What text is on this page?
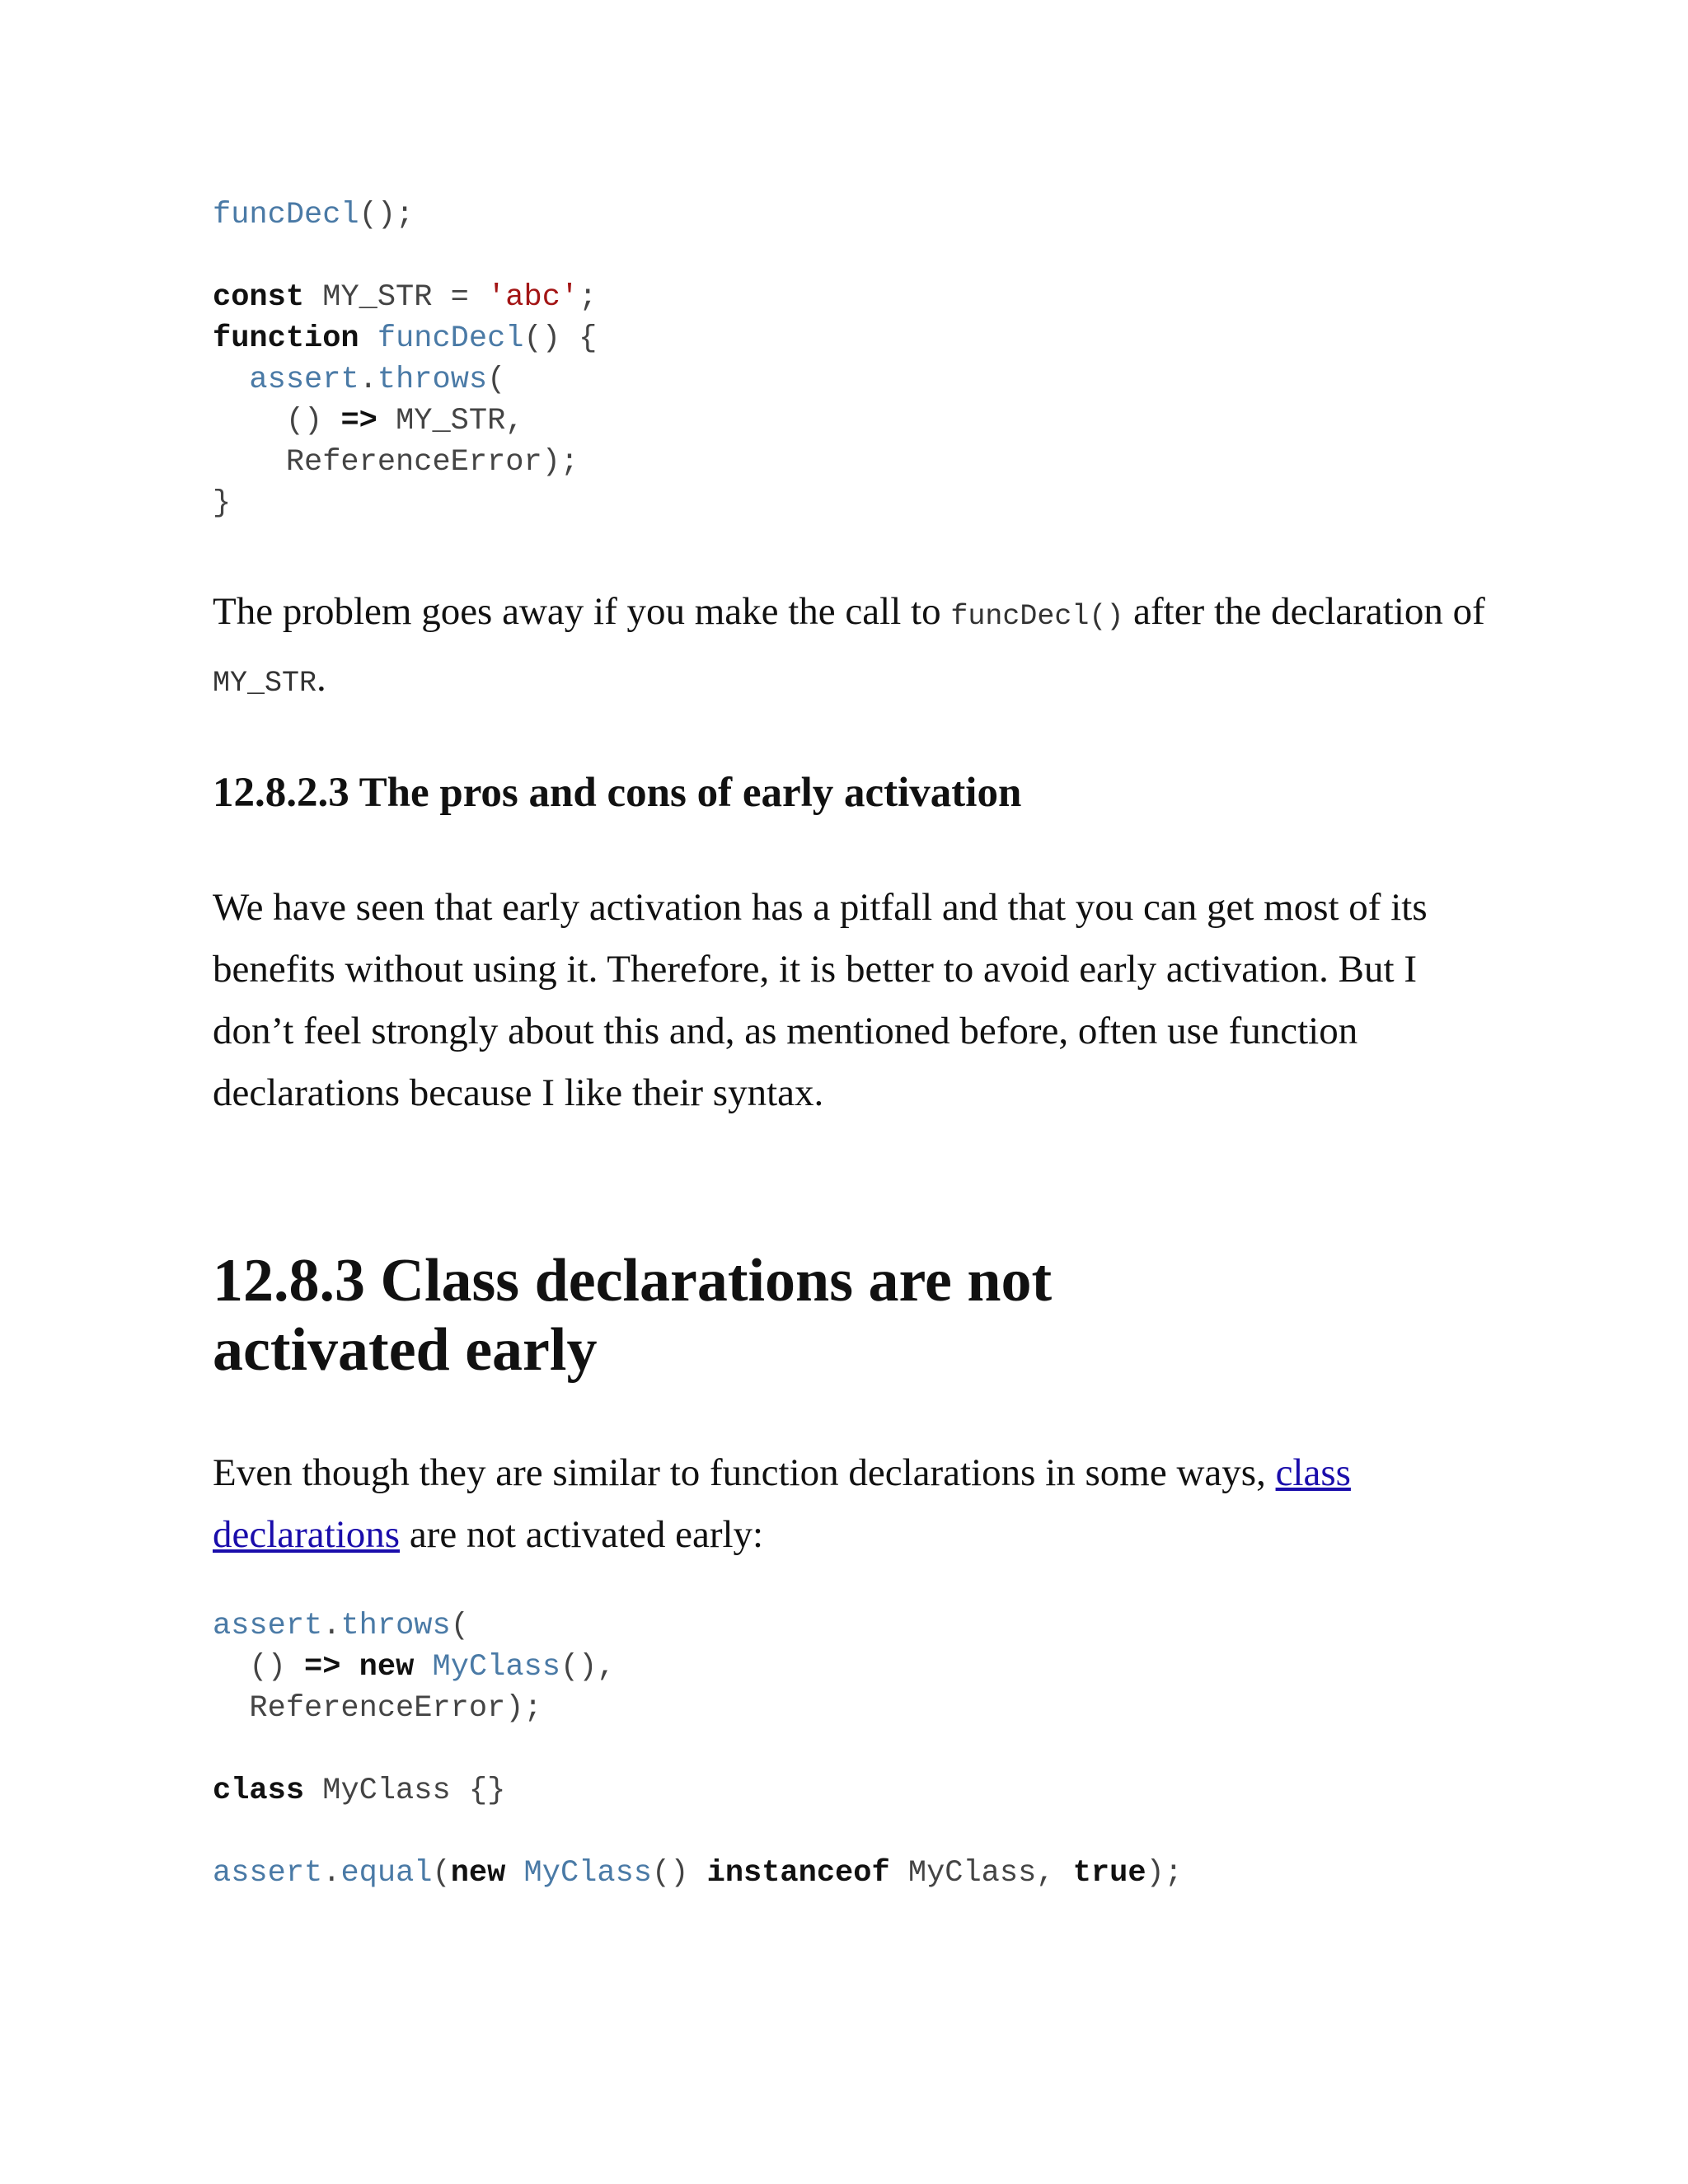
funcDecl();
const MY_STR = 'abc';
function funcDecl() {
assert.throws(
() => MY_STR,
ReferenceError);
}

The problem goes away if you make the call to funcDecl() after the declaration of MY_STR.

12.8.2.3 The pros and cons of early activation

We have seen that early activation has a pitfall and that you can get most of its benefits without using it. Therefore, it is better to avoid early activation. But I don’t feel strongly about this and, as mentioned before, often use function declarations because I like their syntax.

12.8.3 Class declarations are not activated early

Even though they are similar to function declarations in some ways, class declarations are not activated early:

assert.throws(
() => new MyClass(),
ReferenceError);
class MyClass {}
assert.equal(new MyClass() instanceof MyClass, true);
